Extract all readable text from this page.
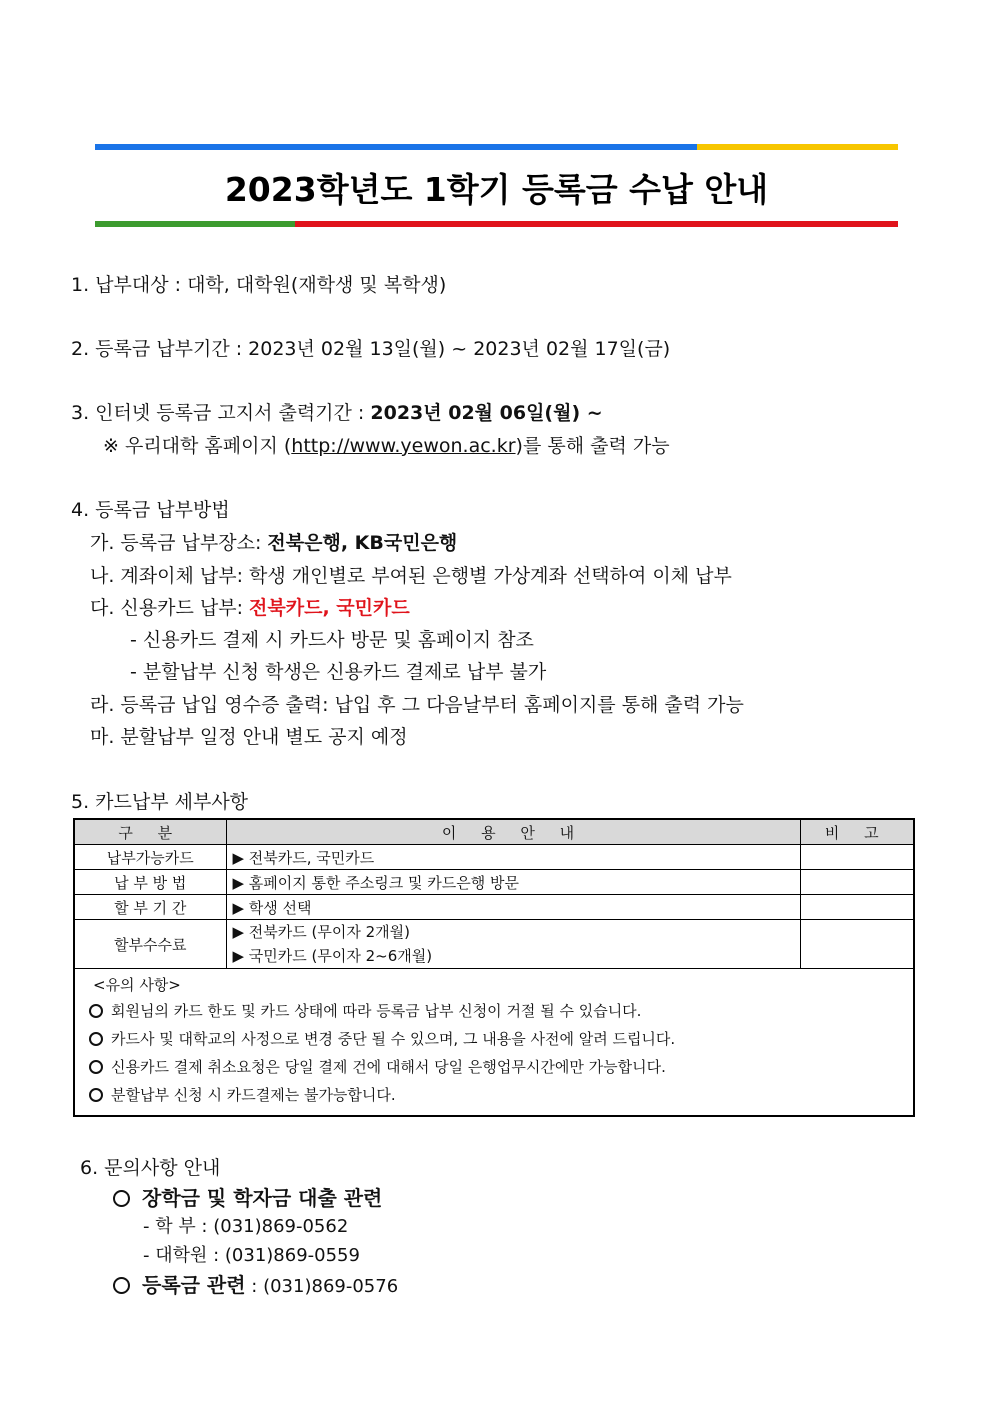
2023학년도 1학기 등록금 수납 안내
1. 납부대상 : 대학, 대학원(재학생 및 복학생)
2. 등록금 납부기간 : 2023년 02월 13일(월) ~ 2023년 02월 17일(금)
3. 인터넷 등록금 고지서 출력기간 : 2023년 02월 06일(월) ~
※ 우리대학 홈페이지 (http://www.yewon.ac.kr)를 통해 출력 가능
4. 등록금 납부방법
가. 등록금 납부장소: 전북은행, KB국민은행
나. 계좌이체 납부: 학생 개인별로 부여된 은행별 가상계좌 선택하여 이체 납부
다. 신용카드 납부: 전북카드, 국민카드
- 신용카드 결제 시 카드사 방문 및 홈페이지 참조
- 분할납부 신청 학생은 신용카드 결제로 납부 불가
라. 등록금 납입 영수증 출력: 납입 후 그 다음날부터 홈페이지를 통해 출력 가능
마. 분할납부 일정 안내 별도 공지 예정
5. 카드납부 세부사항
구 분	이 용 안 내	비 고
납부가능카드	▶ 전북카드, 국민카드	
납 부 방 법	▶ 홈페이지 통한 주소링크 및 카드은행 방문	
할 부 기 간	▶ 학생 선택	
할부수수료	▶ 전북카드 (무이자 2개월)
▶ 국민카드 (무이자 2~6개월)	

<유의 사항>
회원님의 카드 한도 및 카드 상태에 따라 등록금 납부 신청이 거절 될 수 있습니다.
카드사 및 대학교의 사정으로 변경 중단 될 수 있으며, 그 내용을 사전에 알려 드립니다.
신용카드 결제 취소요청은 당일 결제 건에 대해서 당일 은행업무시간에만 가능합니다.
분할납부 신청 시 카드결제는 불가능합니다.		
6. 문의사항 안내
장학금 및 학자금 대출 관련
- 학 부 : (031)869-0562
- 대학원 : (031)869-0559
등록금 관련 : (031)869-0576
